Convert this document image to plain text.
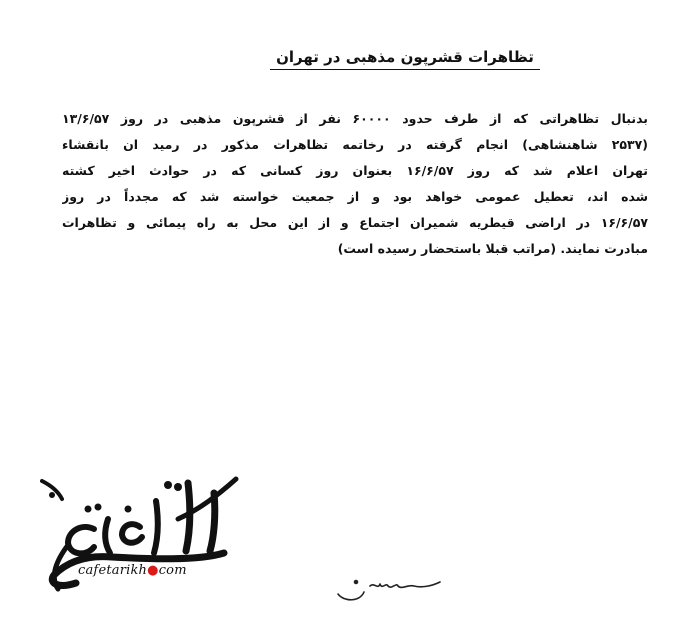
تظاهرات قشرپون مذهبی در تهران
بدنبال تظاهراتی که از طرف حدود ۶۰۰۰۰ نفر از قشرپون مذهبی در روز ۱۳/۶/۵۷
(۲۵۳۷ شاهنشاهی) انجام گرفته در رخاتمه تظاهرات مذکور در رمید ان بانقشاء
تهران اعلام شد که روز ۱۶/۶/۵۷ بعنوان روز کسانی که در حوادث اخیر کشته
شده اند، تعطیل عمومی خواهد بود و از جمعیت خواسته شد که مجدداً در روز
۱۶/۶/۵۷ در اراضی قیطریه شمیران اجتماع و از این محل به راه پیمائی و تظاهرات
مبادرت نمایند. (مراتب قبلا باستحضار رسیده است)
cafetarikh●com
